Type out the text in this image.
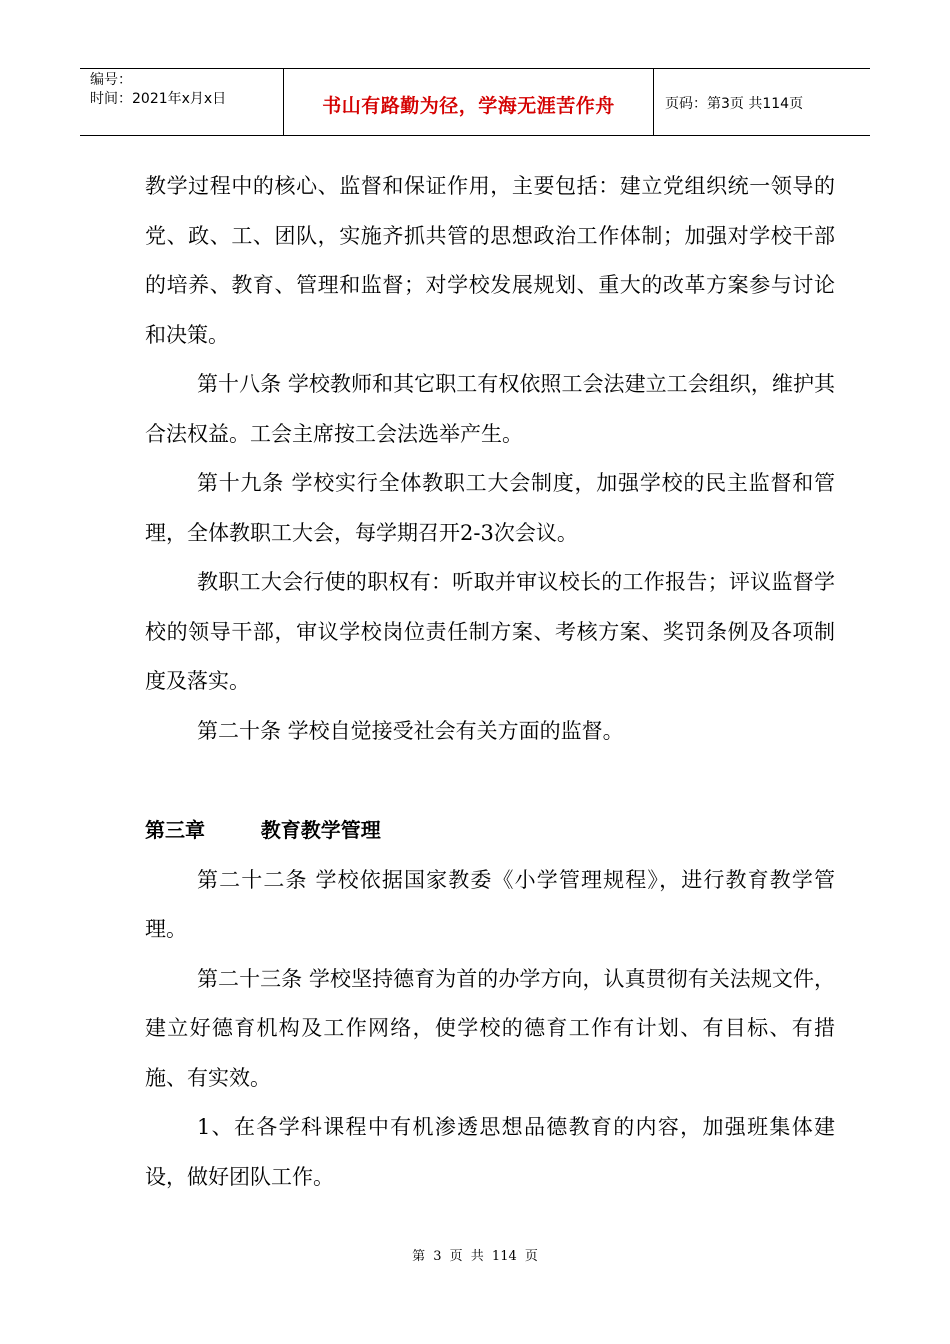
编号：
时间：2021年x月x日	书山有路勤为径，学海无涯苦作舟	页码：第3页 共114页

教学过程中的核心、监督和保证作用，主要包括：建立党组织统一领导的党、政、工、团队，实施齐抓共管的思想政治工作体制；加强对学校干部的培养、教育、管理和监督；对学校发展规划、重大的改革方案参与讨论和决策。

第十八条 学校教师和其它职工有权依照工会法建立工会组织，维护其合法权益。工会主席按工会法选举产生。

第十九条 学校实行全体教职工大会制度，加强学校的民主监督和管理，全体教职工大会，每学期召开2-3次会议。

教职工大会行使的职权有：听取并审议校长的工作报告；评议监督学校的领导干部，审议学校岗位责任制方案、考核方案、奖罚条例及各项制度及落实。

第二十条 学校自觉接受社会有关方面的监督。

第三章        教育教学管理

第二十二条 学校依据国家教委《小学管理规程》，进行教育教学管理。

第二十三条 学校坚持德育为首的办学方向，认真贯彻有关法规文件，建立好德育机构及工作网络，使学校的德育工作有计划、有目标、有措施、有实效。

1、在各学科课程中有机渗透思想品德教育的内容，加强班集体建设，做好团队工作。

第 3 页 共 114 页
